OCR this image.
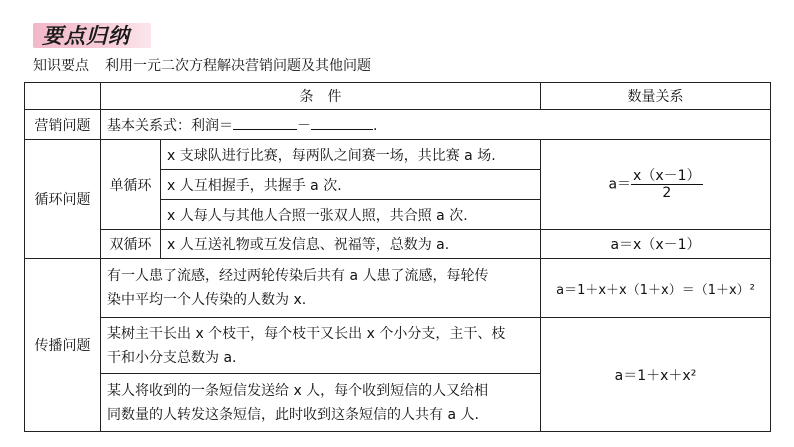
要点归纳
知识要点 利用一元二次方程解决营销问题及其他问题
	条　件		数量关系
营销问题	基本关系式：利润＝ － .		
循环问题	单循环	x 支球队进行比赛，每两队之间赛一场，共比赛 a 场.	$a= \frac{x(x-1)}{2}$

		x 人互相握手，共握手 a 次.	
		x 人每人与其他人合照一张双人照，共合照 a 次.	
	双循环	x 人互送礼物或互发信息、祝福等，总数为 a.	a＝x（x－1）
传播问题	有一人患了流感，经过两轮传染后共有 a 人患了流感，每轮传
染中平均一个人传染的人数为 x.		a＝1＋x＋x（1＋x）＝（1＋x）²

	某树主干长出 x 个枝干，每个枝干又长出 x 个小分支，主干、枝
干和小分支总数为 a.		a＝1＋x＋x²

	某人将收到的一条短信发送给 x 人，每个收到短信的人又给相
同数量的人转发这条短信，此时收到这条短信的人共有 a 人.		
